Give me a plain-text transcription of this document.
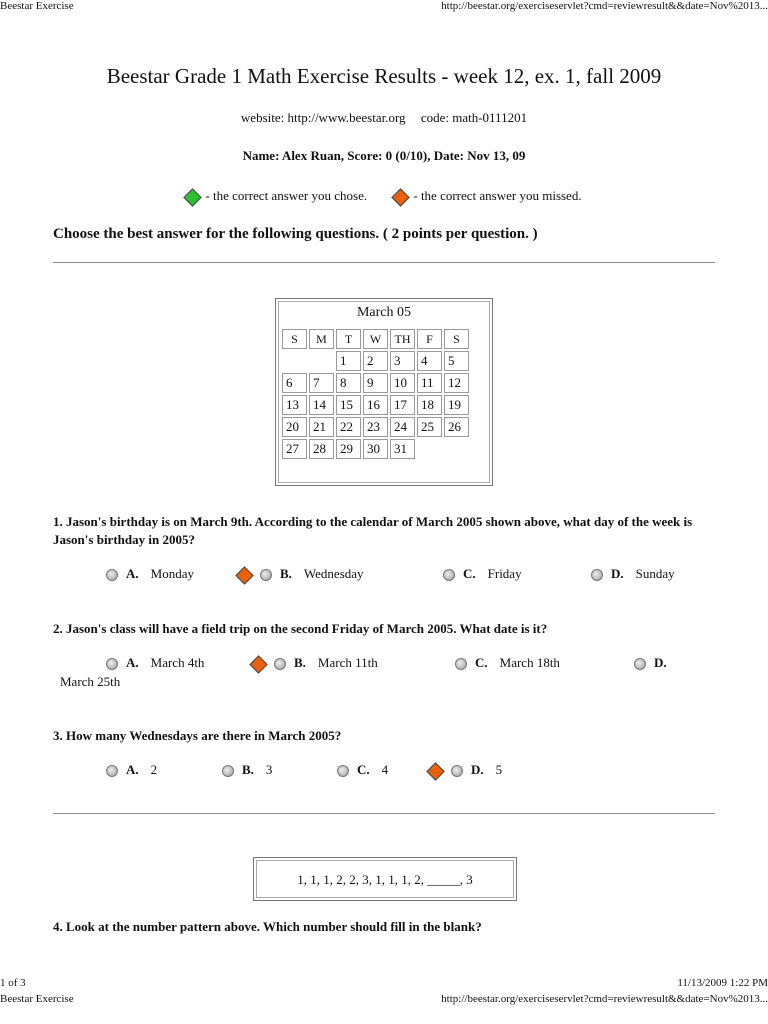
Beestar Exercise	http://beestar.org/exerciseservlet?cmd=reviewresult&&date=Nov%2013...
Beestar Grade 1 Math Exercise Results - week 12, ex. 1, fall 2009
website: http://www.beestar.org code: math-0111201
Name: Alex Ruan, Score: 0 (0/10), Date: Nov 13, 09
- the correct answer you chose.	- the correct answer you missed.
Choose the best answer for the following questions. ( 2 points per question. )
March 05
S	M	T	W	TH	F	S
		1	2	3	4	5
6	7	8	9	10	11	12
13	14	15	16	17	18	19
20	21	22	23	24	25	26
27	28	29	30	31		
1. Jason's birthday is on March 9th. According to the calendar of March 2005 shown above, what day of the week is Jason's birthday in 2005?
A. Monday	B. Wednesday	C. Friday	D. Sunday
2. Jason's class will have a field trip on the second Friday of March 2005. What date is it?
A. March 4th	B. March 11th	C. March 18th	D.
March 25th
3. How many Wednesdays are there in March 2005?
A. 2	B. 3	C. 4	D. 5
1, 1, 1, 2, 2, 3, 1, 1, 1, 2, _____, 3
4. Look at the number pattern above. Which number should fill in the blank?
1 of 3	11/13/2009 1:22 PM
Beestar Exercise	http://beestar.org/exerciseservlet?cmd=reviewresult&&date=Nov%2013...
